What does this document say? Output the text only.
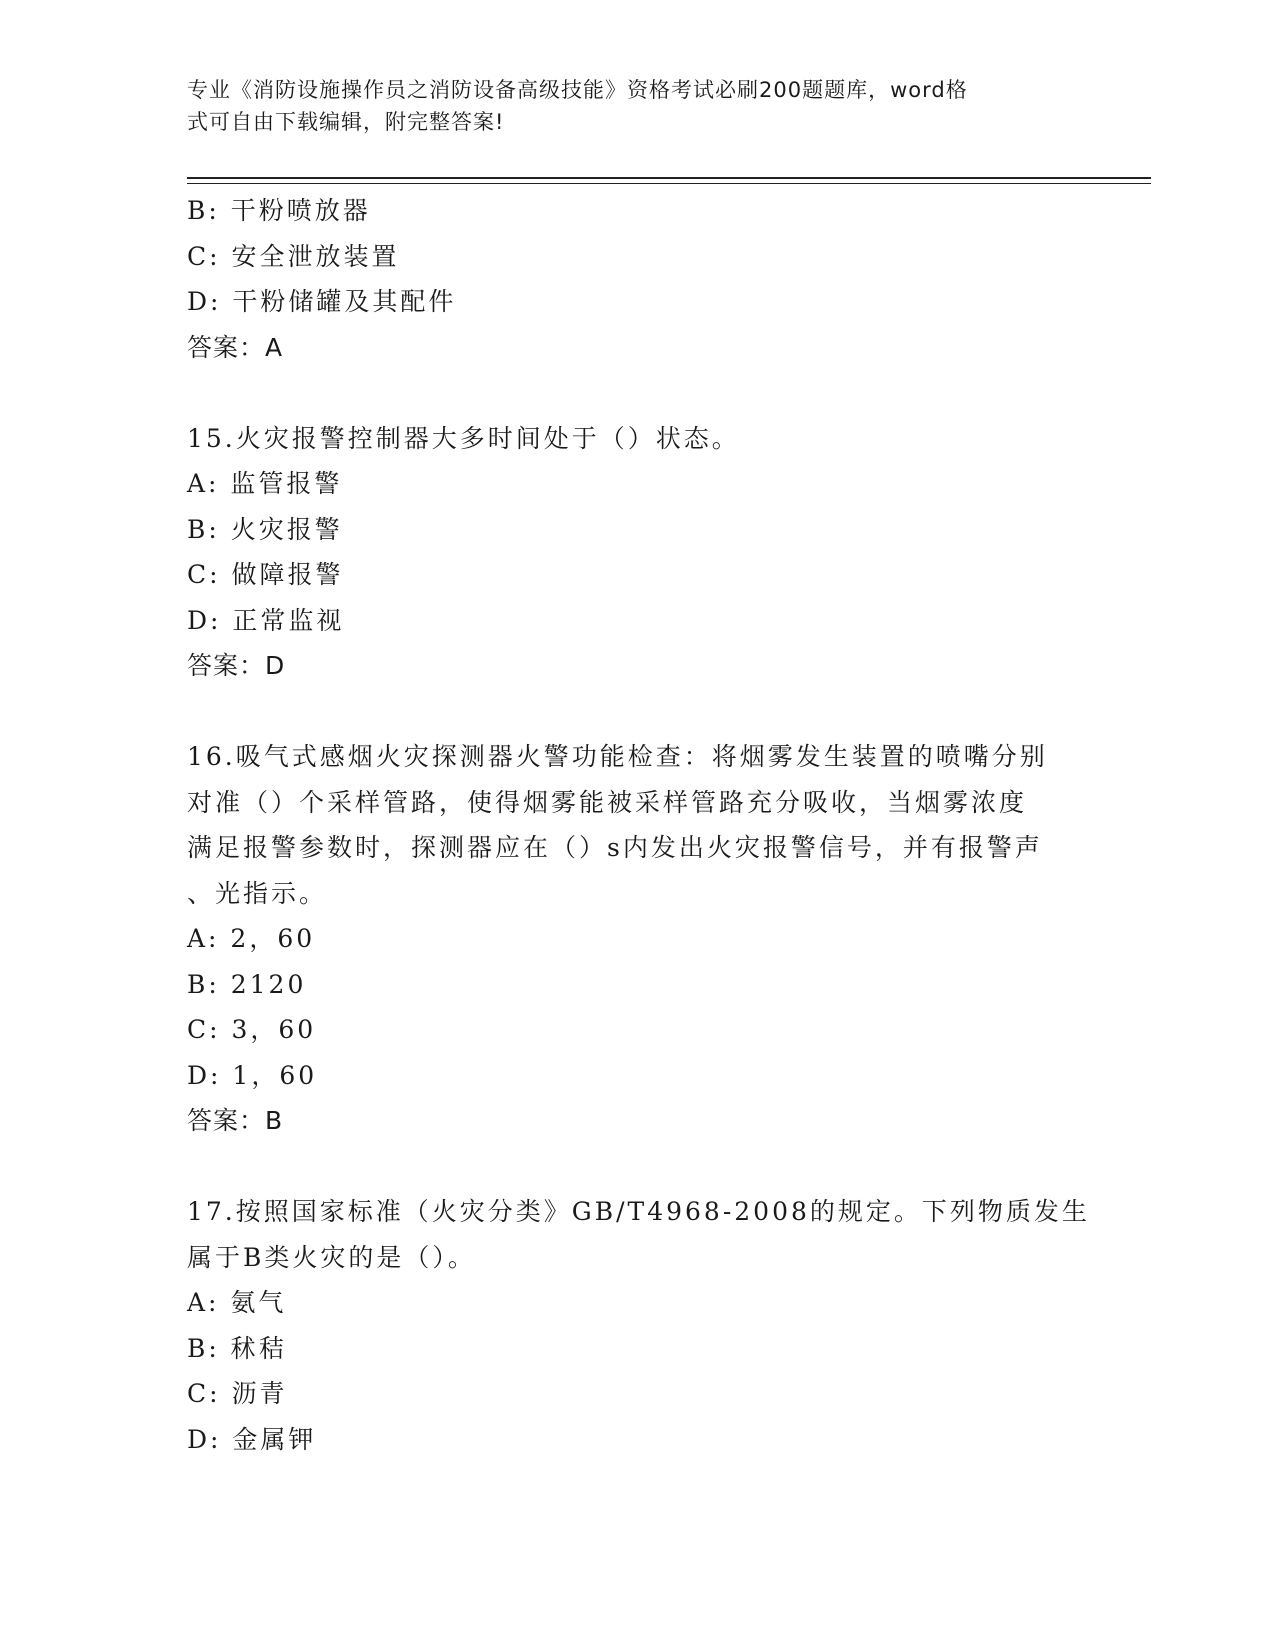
专业《消防设施操作员之消防设备高级技能》资格考试必刷200题题库，word格
式可自由下载编辑，附完整答案!
B: 干粉喷放器
C: 安全泄放装置
D: 干粉储罐及其配件
答案：A
15.火灾报警控制器大多时间处于（）状态。
A: 监管报警
B: 火灾报警
C: 做障报警
D: 正常监视
答案：D
16.吸气式感烟火灾探测器火警功能检查：将烟雾发生装置的喷嘴分别
对准（）个采样管路，使得烟雾能被采样管路充分吸收，当烟雾浓度
满足报警参数时，探测器应在（）s内发出火灾报警信号，并有报警声
、光指示。
A: 2，60
B: 2120
C: 3，60
D: 1，60
答案：B
17.按照国家标准（火灾分类》GB/T4968-2008的规定。下列物质发生
属于B类火灾的是（）。
A: 氨气
B: 秫秸
C: 沥青
D: 金属钾
